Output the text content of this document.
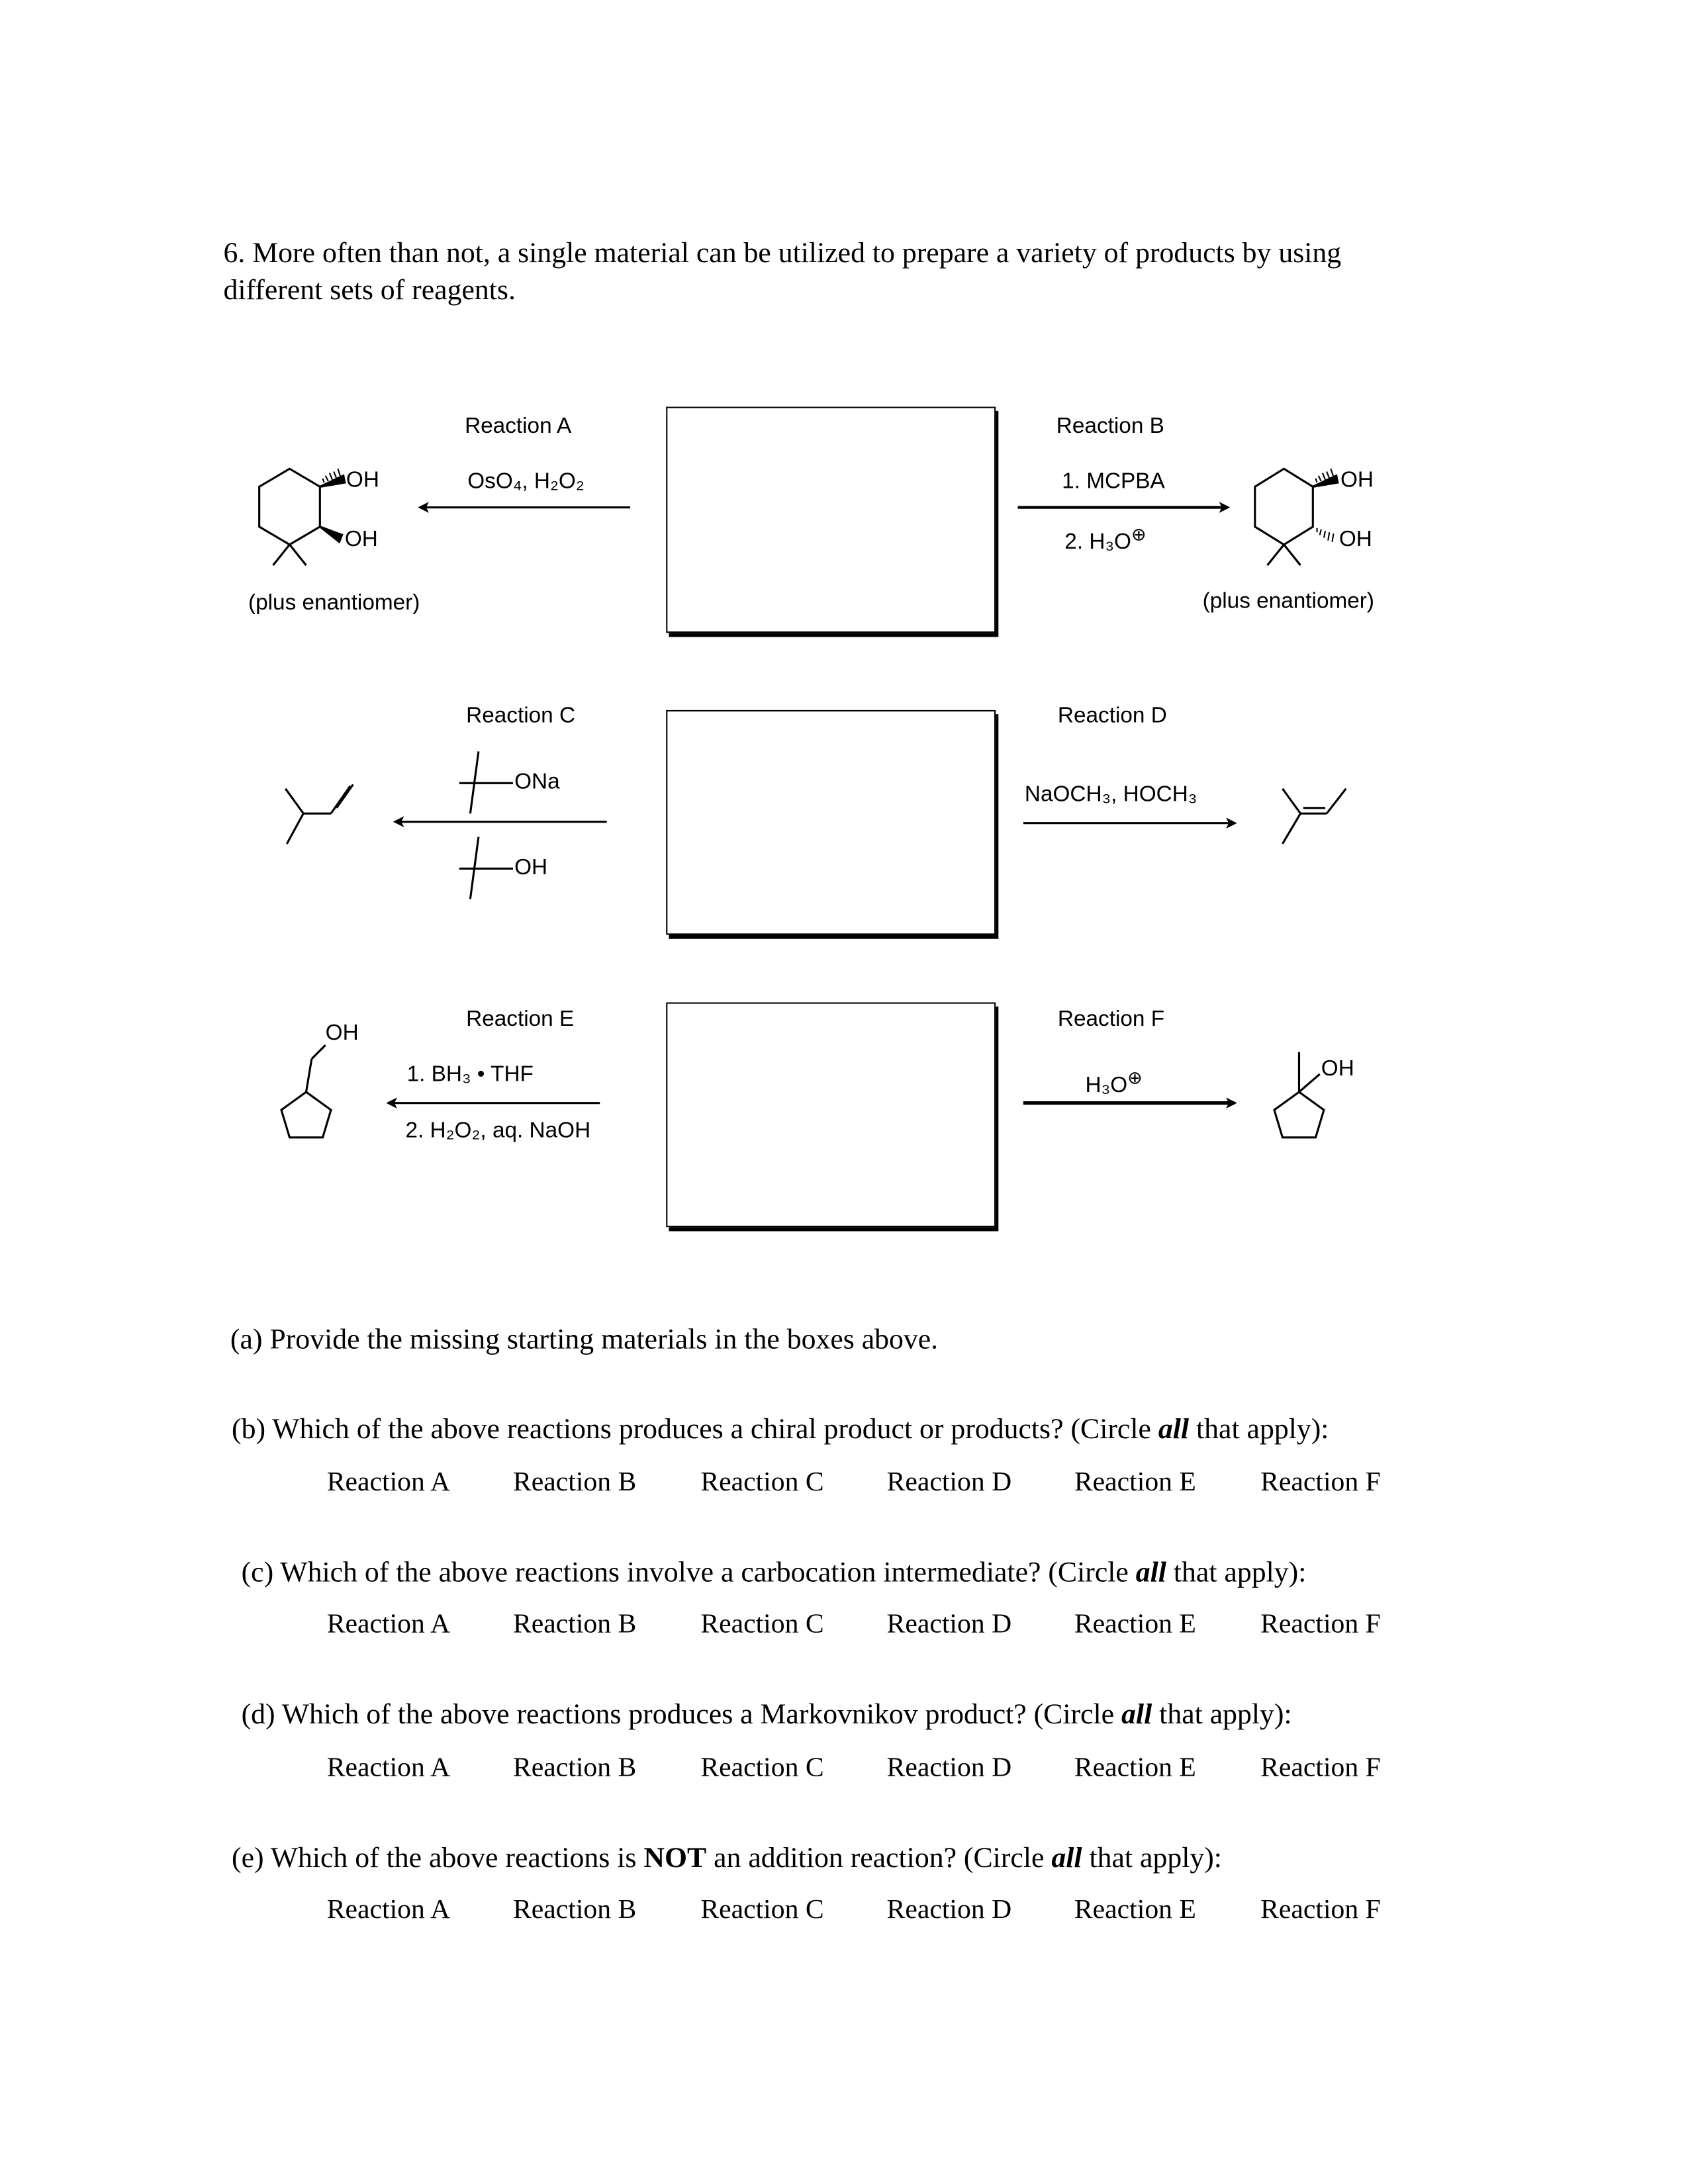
6. More often than not, a single material can be utilized to prepare a variety of products by using
different sets of reagents.
Reaction A
OsO₄, H₂O₂
OH
OH
(plus enantiomer)
Reaction B
1. MCPBA
2. H₃O⊕
OH
OH
(plus enantiomer)
Reaction C
ONa
OH
Reaction D
NaOCH₃, HOCH₃
Reaction E
1. BH₃ • THF
2. H₂O₂, aq. NaOH
OH
Reaction F
H₃O⊕	OH
(a) Provide the missing starting materials in the boxes above.
(b) Which of the above reactions produces a chiral product or products? (Circle all that apply):
(c) Which of the above reactions involve a carbocation intermediate? (Circle all that apply):
(d) Which of the above reactions produces a Markovnikov product? (Circle all that apply):
(e) Which of the above reactions is NOT an addition reaction? (Circle all that apply):
Reaction A	Reaction B	Reaction C	Reaction D	Reaction E	Reaction F
Reaction A	Reaction B	Reaction C	Reaction D	Reaction E	Reaction F
Reaction A	Reaction B	Reaction C	Reaction D	Reaction E	Reaction F
Reaction A	Reaction B	Reaction C	Reaction D	Reaction E	Reaction F
